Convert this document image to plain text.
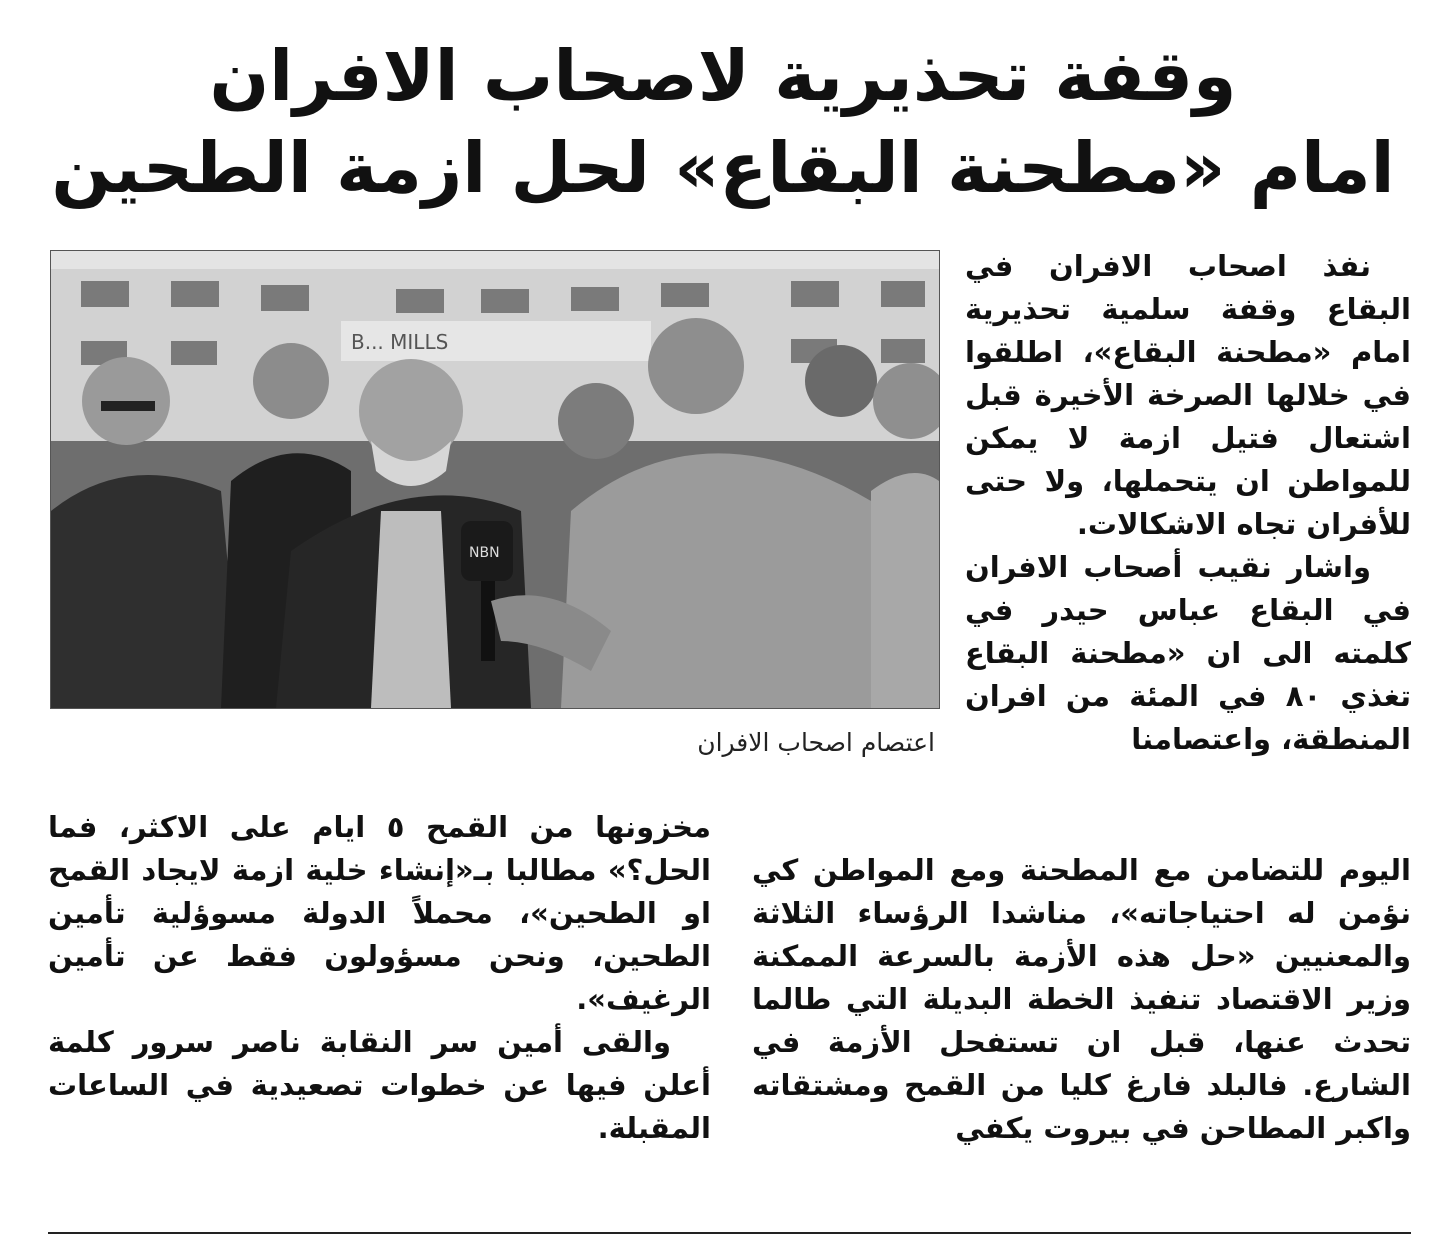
وقفة تحذيرية لاصحاب الافران
امام «مطحنة البقاع» لحل ازمة الطحين
B... MILLS
NBN
اعتصام اصحاب الافران

نفذ اصحاب الافران في البقاع وقفة سلمية تحذيرية امام «مطحنة البقاع»، اطلقوا في خلالها الصرخة الأخيرة قبل اشتعال فتيل ازمة لا يمكن للمواطن ان يتحملها، ولا حتى للأفران تجاه الاشكالات.

واشار نقيب أصحاب الافران في البقاع عباس حيدر في كلمته الى ان «مطحنة البقاع تغذي ٨٠ في المئة من افران المنطقة، واعتصامنا

اليوم للتضامن مع المطحنة ومع المواطن كي نؤمن له احتياجاته»، مناشدا الرؤساء الثلاثة والمعنيين «حل هذه الأزمة بالسرعة الممكنة وزير الاقتصاد تنفيذ الخطة البديلة التي طالما تحدث عنها، قبل ان تستفحل الأزمة في الشارع. فالبلد فارغ كليا من القمح ومشتقاته واكبر المطاحن في بيروت يكفي

مخزونها من القمح ٥ ايام على الاكثر، فما الحل؟» مطالبا بـ«إنشاء خلية ازمة لايجاد القمح او الطحين»، محملاً الدولة مسوؤلية تأمين الطحين، ونحن مسؤولون فقط عن تأمين الرغيف».

والقى أمين سر النقابة ناصر سرور كلمة أعلن فيها عن خطوات تصعيدية في الساعات المقبلة.
